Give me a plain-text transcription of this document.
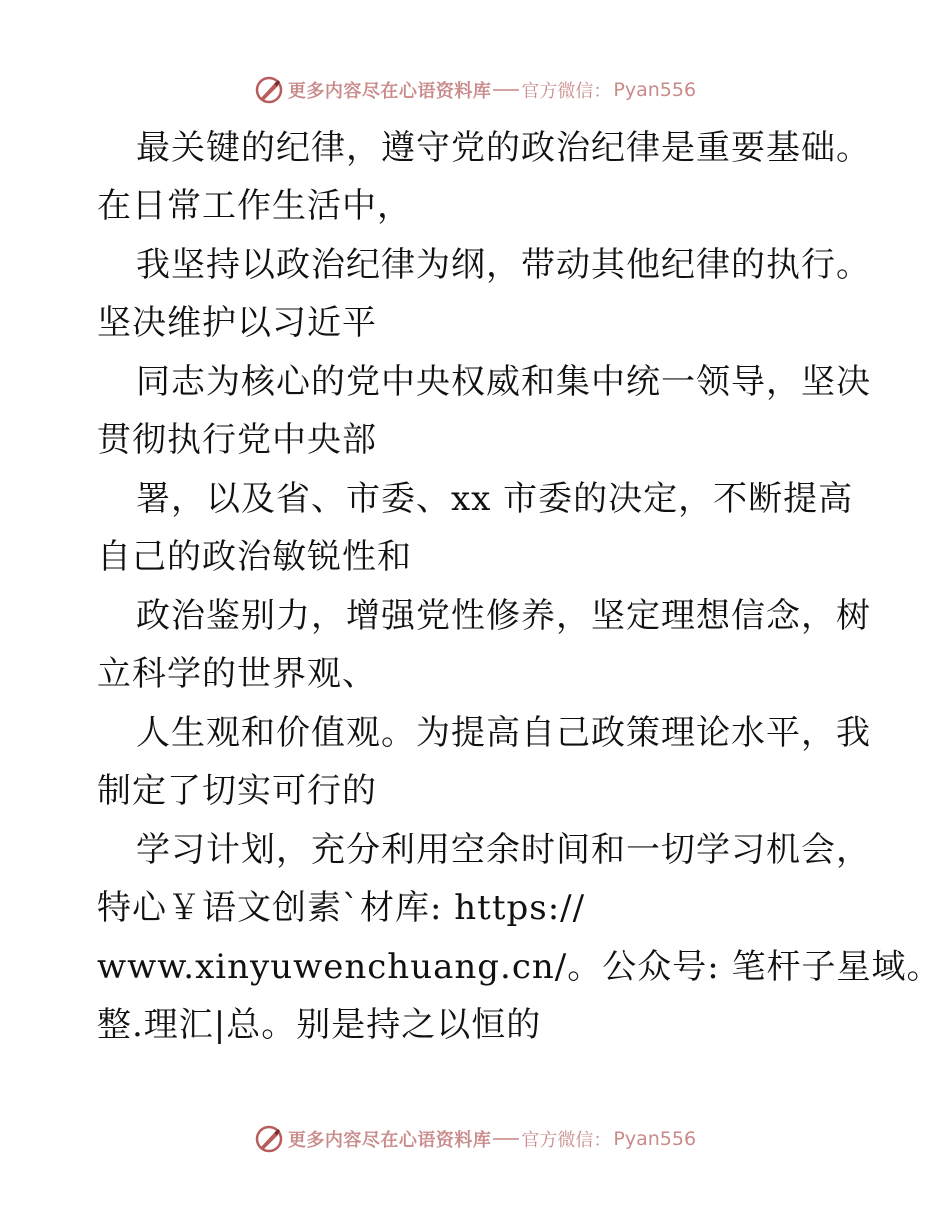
更多内容尽在心语资料库 官方微信： Pyan556
最关键的纪律，遵守党的政治纪律是重要基础。
在日常工作生活中，
我坚持以政治纪律为纲，带动其他纪律的执行。
坚决维护以习近平
同志为核心的党中央权威和集中统一领导，坚决
贯彻执行党中央部
署，以及省、市委、xx 市委的决定，不断提高
自己的政治敏锐性和
政治鉴别力，增强党性修养，坚定理想信念，树
立科学的世界观、
人生观和价值观。为提高自己政策理论水平，我
制定了切实可行的
学习计划，充分利用空余时间和一切学习机会，
特心￥语文创素`材库: https://
www.xinyuwenchuang.cn/。公众号: 笔杆子星域。
整.理汇|总。别是持之以恒的
更多内容尽在心语资料库 官方微信： Pyan556
